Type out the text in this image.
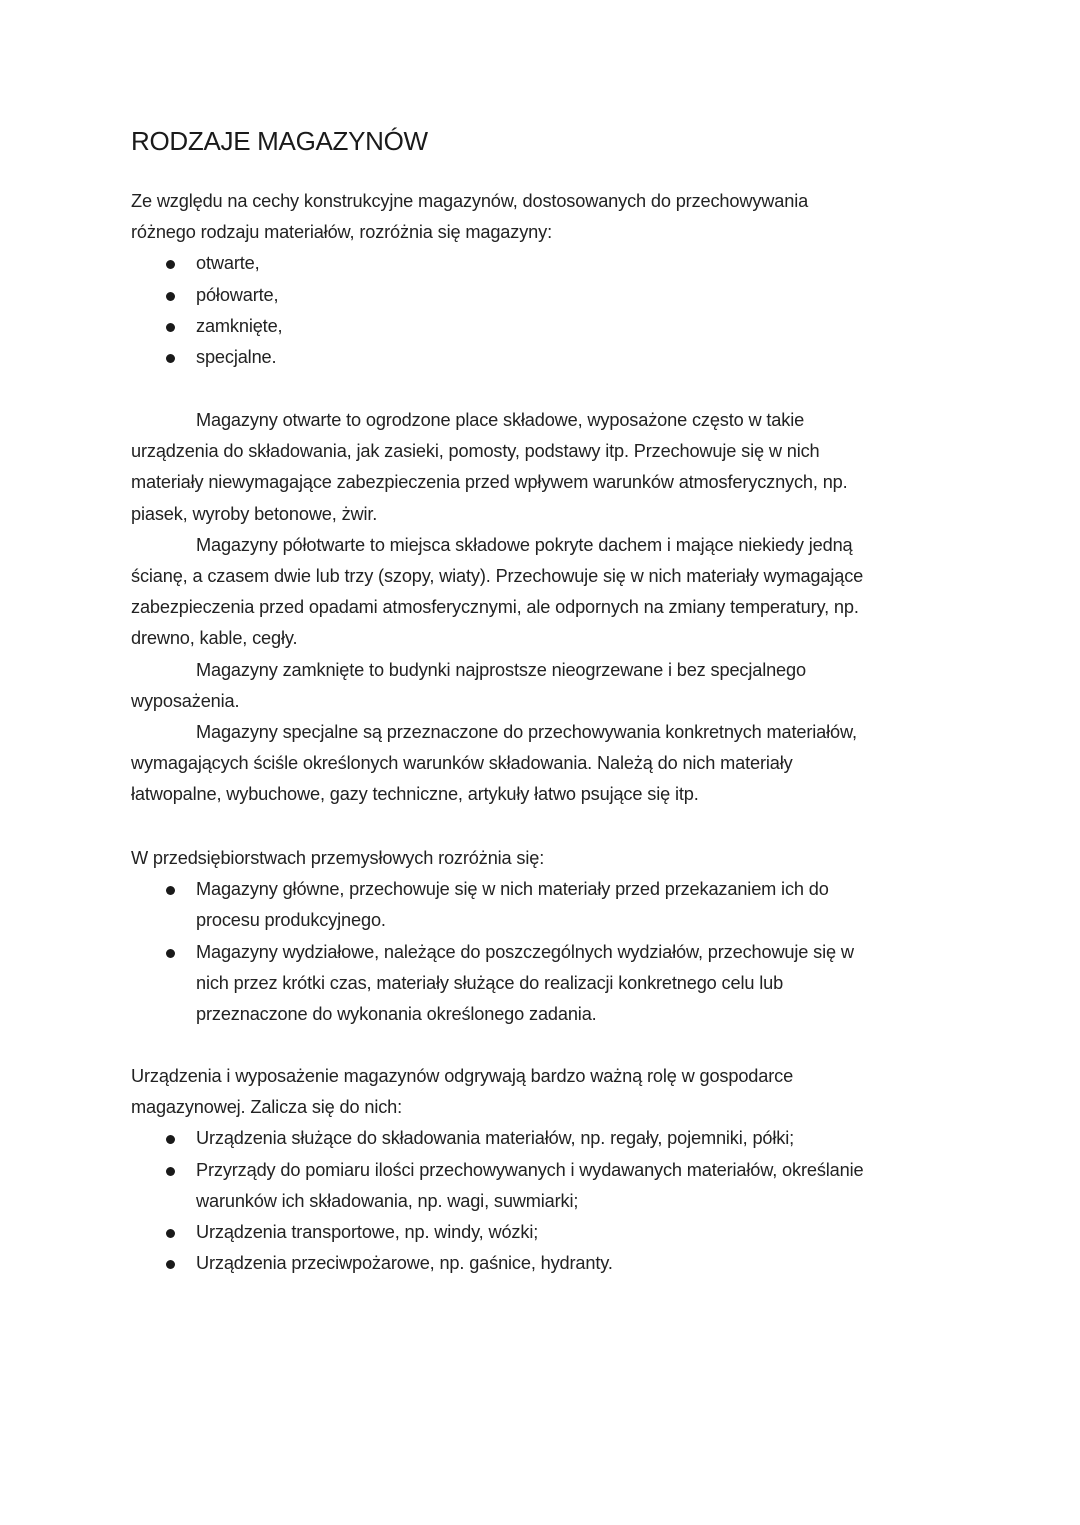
RODZAJE MAGAZYNÓW

Ze względu na cechy konstrukcyjne magazynów, dostosowanych do przechowywania
różnego rodzaju materiałów, rozróżnia się magazyny:

otwarte,
półowarte,
zamknięte,
specjalne.

Magazyny otwarte to ogrodzone place składowe, wyposażone często w takie
urządzenia do składowania, jak zasieki, pomosty, podstawy itp. Przechowuje się w nich
materiały niewymagające zabezpieczenia przed wpływem warunków atmosferycznych, np.
piasek, wyroby betonowe, żwir.

Magazyny półotwarte to miejsca składowe pokryte dachem i mające niekiedy jedną
ścianę, a czasem dwie lub trzy (szopy, wiaty). Przechowuje się w nich materiały wymagające
zabezpieczenia przed opadami atmosferycznymi, ale odpornych na zmiany temperatury, np.
drewno, kable, cegły.

Magazyny zamknięte to budynki najprostsze nieogrzewane i bez specjalnego
wyposażenia.

Magazyny specjalne są przeznaczone do przechowywania konkretnych materiałów,
wymagających ściśle określonych warunków składowania. Należą do nich materiały
łatwopalne, wybuchowe, gazy techniczne, artykuły łatwo psujące się itp.

W przedsiębiorstwach przemysłowych rozróżnia się:

Magazyny główne, przechowuje się w nich materiały przed przekazaniem ich do
procesu produkcyjnego.
Magazyny wydziałowe, należące do poszczególnych wydziałów, przechowuje się w
nich przez krótki czas, materiały służące do realizacji konkretnego celu lub
przeznaczone do wykonania określonego zadania.

Urządzenia i wyposażenie magazynów odgrywają bardzo ważną rolę w gospodarce
magazynowej. Zalicza się do nich:

Urządzenia służące do składowania materiałów, np. regały, pojemniki, półki;
Przyrządy do pomiaru ilości przechowywanych i wydawanych materiałów, określanie
warunków ich składowania, np. wagi, suwmiarki;
Urządzenia transportowe, np. windy, wózki;
Urządzenia przeciwpożarowe, np. gaśnice, hydranty.
